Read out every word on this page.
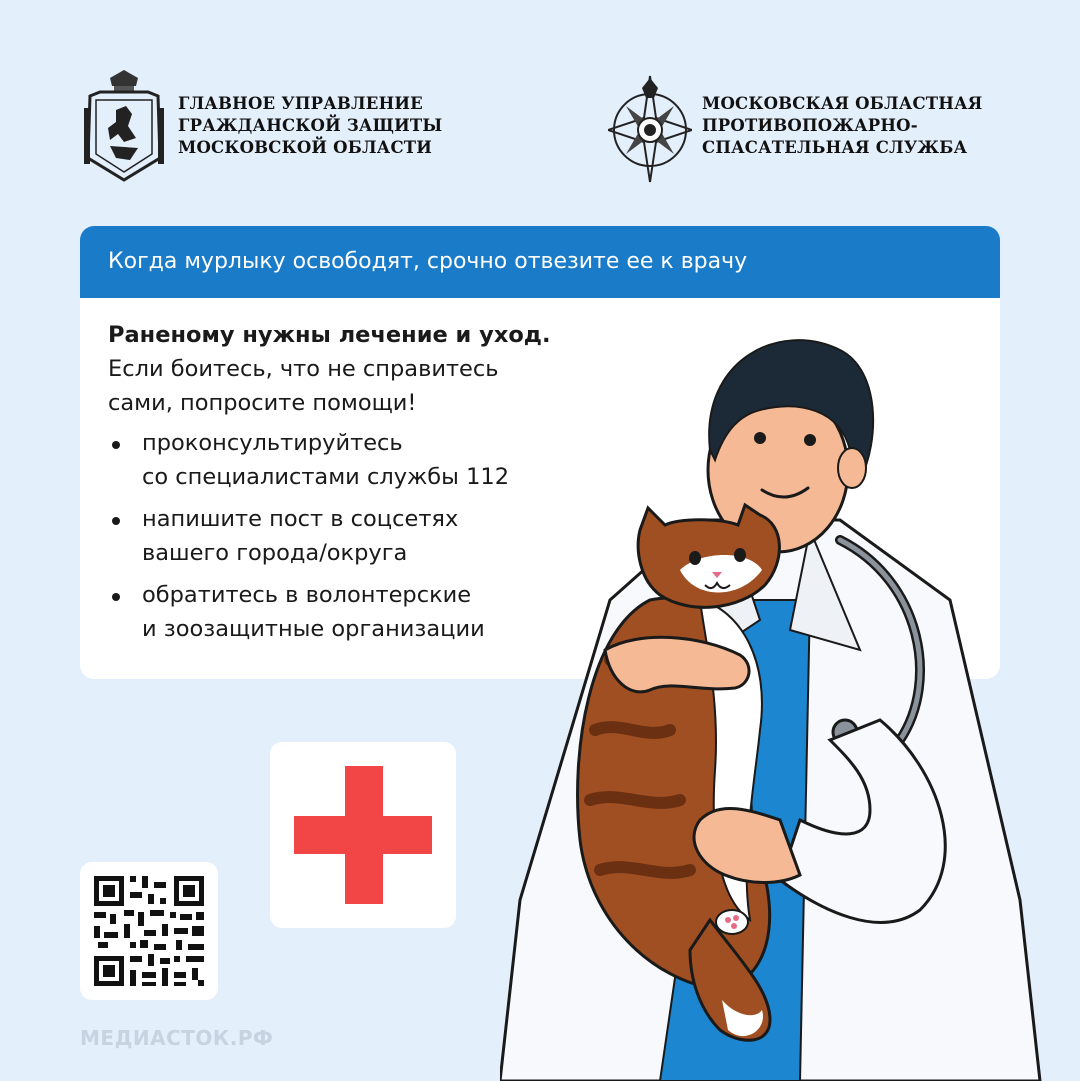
ГЛАВНОЕ УПРАВЛЕНИЕ
ГРАЖДАНСКОЙ ЗАЩИТЫ
МОСКОВСКОЙ ОБЛАСТИ
МОСКОВСКАЯ ОБЛАСТНАЯ
ПРОТИВОПОЖАРНО-
СПАСАТЕЛЬНАЯ СЛУЖБА
Когда мурлыку освободят, срочно отвезите ее к врачу
Раненому нужны лечение и уход.
Если боитесь, что не справитесь сами, попросите помощи!
проконсультируйтесь
со специалистами службы 112
напишите пост в соцсетях
вашего города/округа
обратитесь в волонтерские
и зоозащитные организации
МЕДИАСТОК.РФ
